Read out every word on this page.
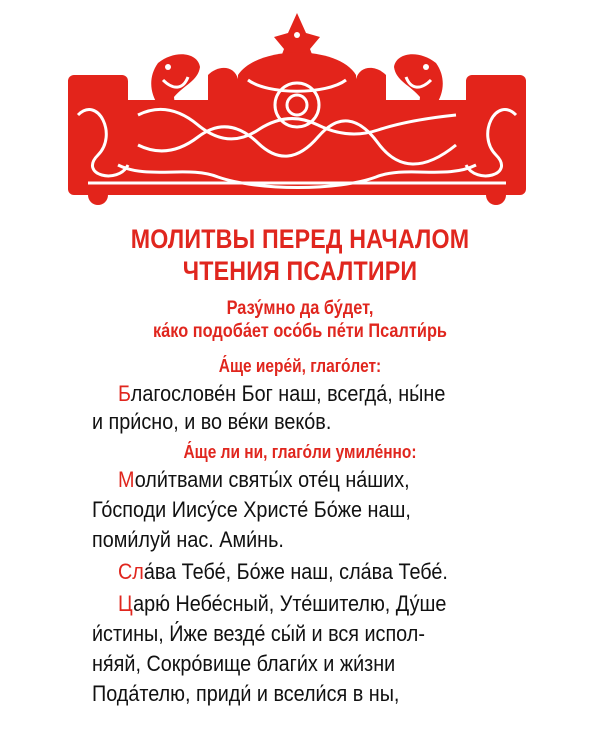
МОЛИТВЫ ПЕРЕД НАЧАЛОМ
ЧТЕНИЯ ПСАЛТИРИ
Разу́мно да бу́дет,
ка́ко подоба́ет осо́бь пе́ти Псалти́рь
А́ще иере́й, глаго́лет:
Благослове́н Бог наш, всегда́, ны́не
и при́сно, и во ве́ки веко́в.
А́ще ли ни, глаго́ли умиле́нно:
Моли́твами святы́х оте́ц на́ших,
Го́споди Иису́се Христе́ Бо́же наш,
поми́луй нас. Ами́нь.
Сла́ва Тебе́, Бо́же наш, сла́ва Тебе́.
Царю́ Небе́сный, Уте́шителю, Ду́ше
и́стины, И́же везде́ сы́й и вся испол-
ня́яй, Сокро́вище благи́х и жи́зни
Пода́телю, приди́ и всели́ся в ны,
